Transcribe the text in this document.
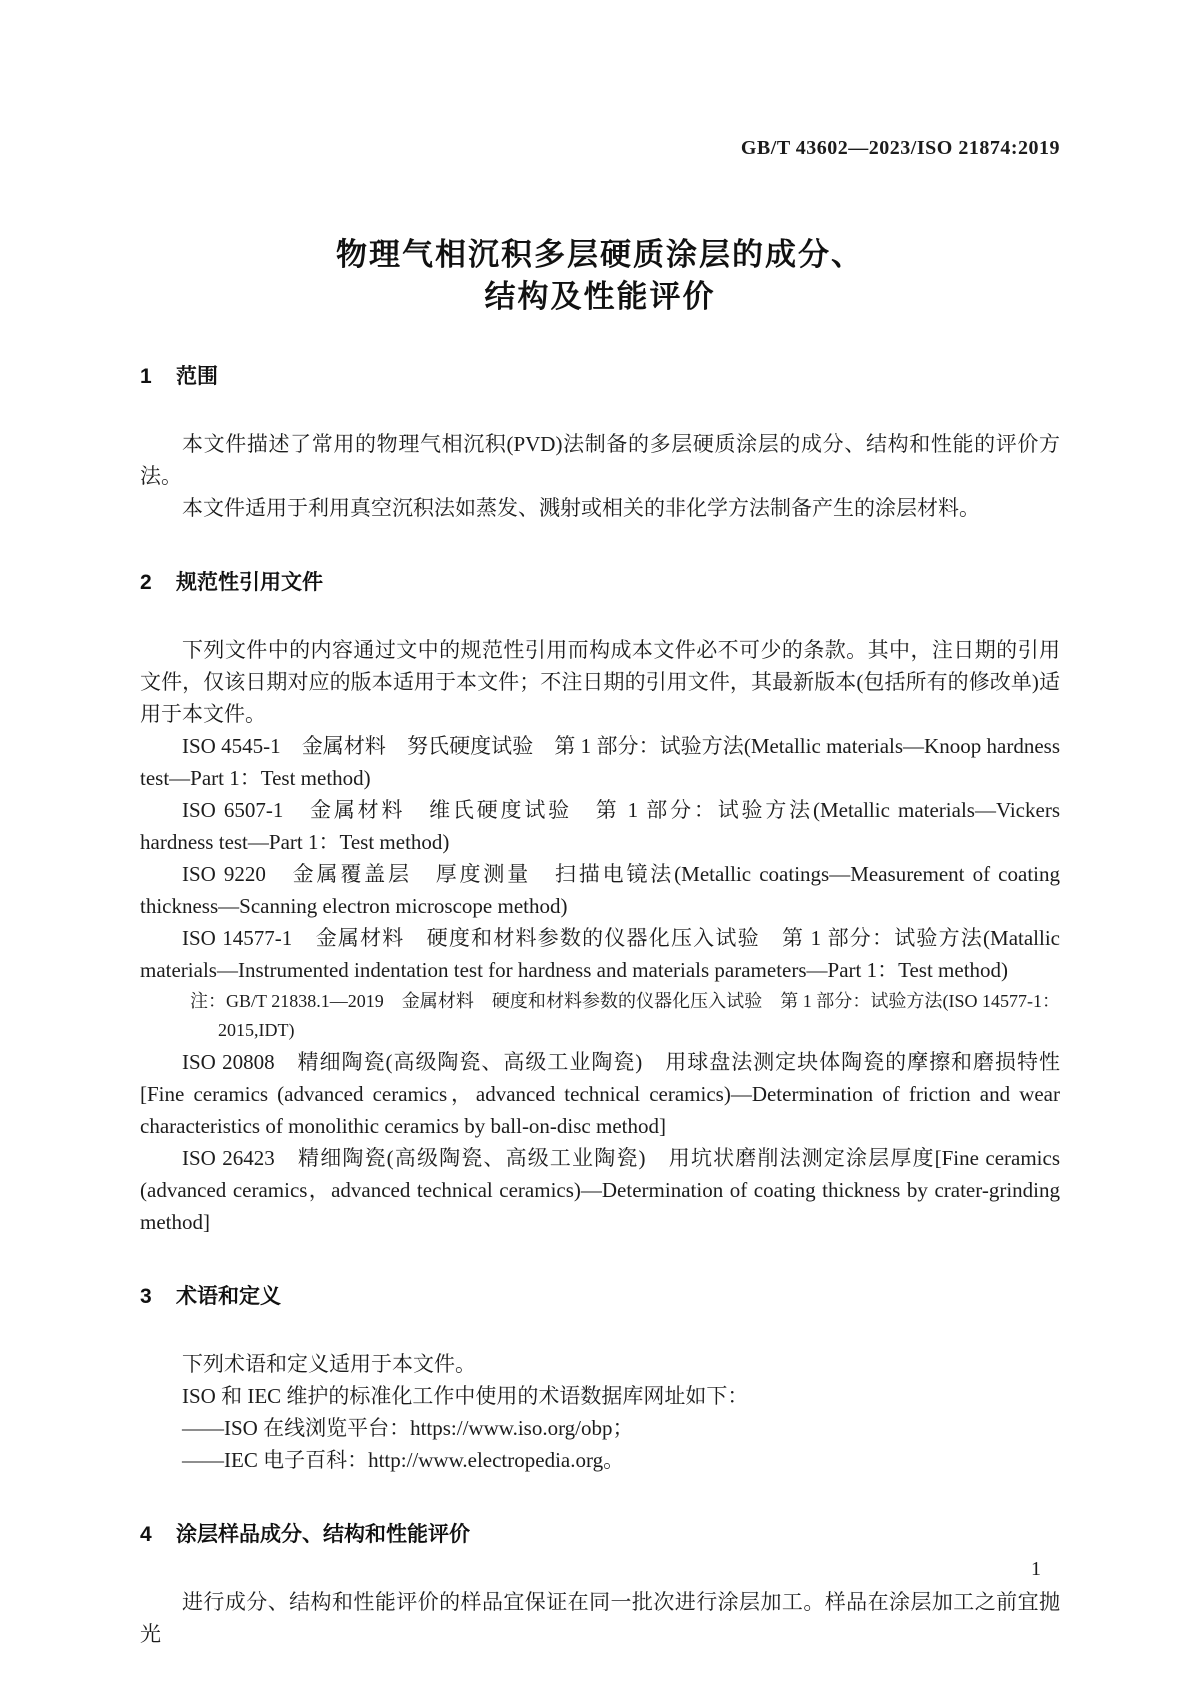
GB/T 43602—2023/ISO 21874:2019
物理气相沉积多层硬质涂层的成分、
结构及性能评价
1 范围

本文件描述了常用的物理气相沉积(PVD)法制备的多层硬质涂层的成分、结构和性能的评价方法。

本文件适用于利用真空沉积法如蒸发、溅射或相关的非化学方法制备产生的涂层材料。

2 规范性引用文件

下列文件中的内容通过文中的规范性引用而构成本文件必不可少的条款。其中，注日期的引用文件，仅该日期对应的版本适用于本文件；不注日期的引用文件，其最新版本(包括所有的修改单)适用于本文件。

ISO 4545-1　金属材料　努氏硬度试验　第 1 部分：试验方法(Metallic materials—Knoop hardness test—Part 1：Test method)

ISO 6507-1　金属材料　维氏硬度试验　第 1 部分：试验方法(Metallic materials—Vickers hardness test—Part 1：Test method)

ISO 9220　金属覆盖层　厚度测量　扫描电镜法(Metallic coatings—Measurement of coating thickness—Scanning electron microscope method)

ISO 14577-1　金属材料　硬度和材料参数的仪器化压入试验　第 1 部分：试验方法(Matallic materials—Instrumented indentation test for hardness and materials parameters—Part 1：Test method)

注：GB/T 21838.1—2019　金属材料　硬度和材料参数的仪器化压入试验　第 1 部分：试验方法(ISO 14577-1：2015,IDT)

ISO 20808　精细陶瓷(高级陶瓷、高级工业陶瓷)　用球盘法测定块体陶瓷的摩擦和磨损特性[Fine ceramics (advanced ceramics，advanced technical ceramics)—Determination of friction and wear characteristics of monolithic ceramics by ball-on-disc method]

ISO 26423　精细陶瓷(高级陶瓷、高级工业陶瓷)　用坑状磨削法测定涂层厚度[Fine ceramics (advanced ceramics，advanced technical ceramics)—Determination of coating thickness by crater-grinding method]

3 术语和定义

下列术语和定义适用于本文件。

ISO 和 IEC 维护的标准化工作中使用的术语数据库网址如下：

——ISO 在线浏览平台：https://www.iso.org/obp；

——IEC 电子百科：http://www.electropedia.org。

4 涂层样品成分、结构和性能评价

进行成分、结构和性能评价的样品宜保证在同一批次进行涂层加工。样品在涂层加工之前宜抛光

1
